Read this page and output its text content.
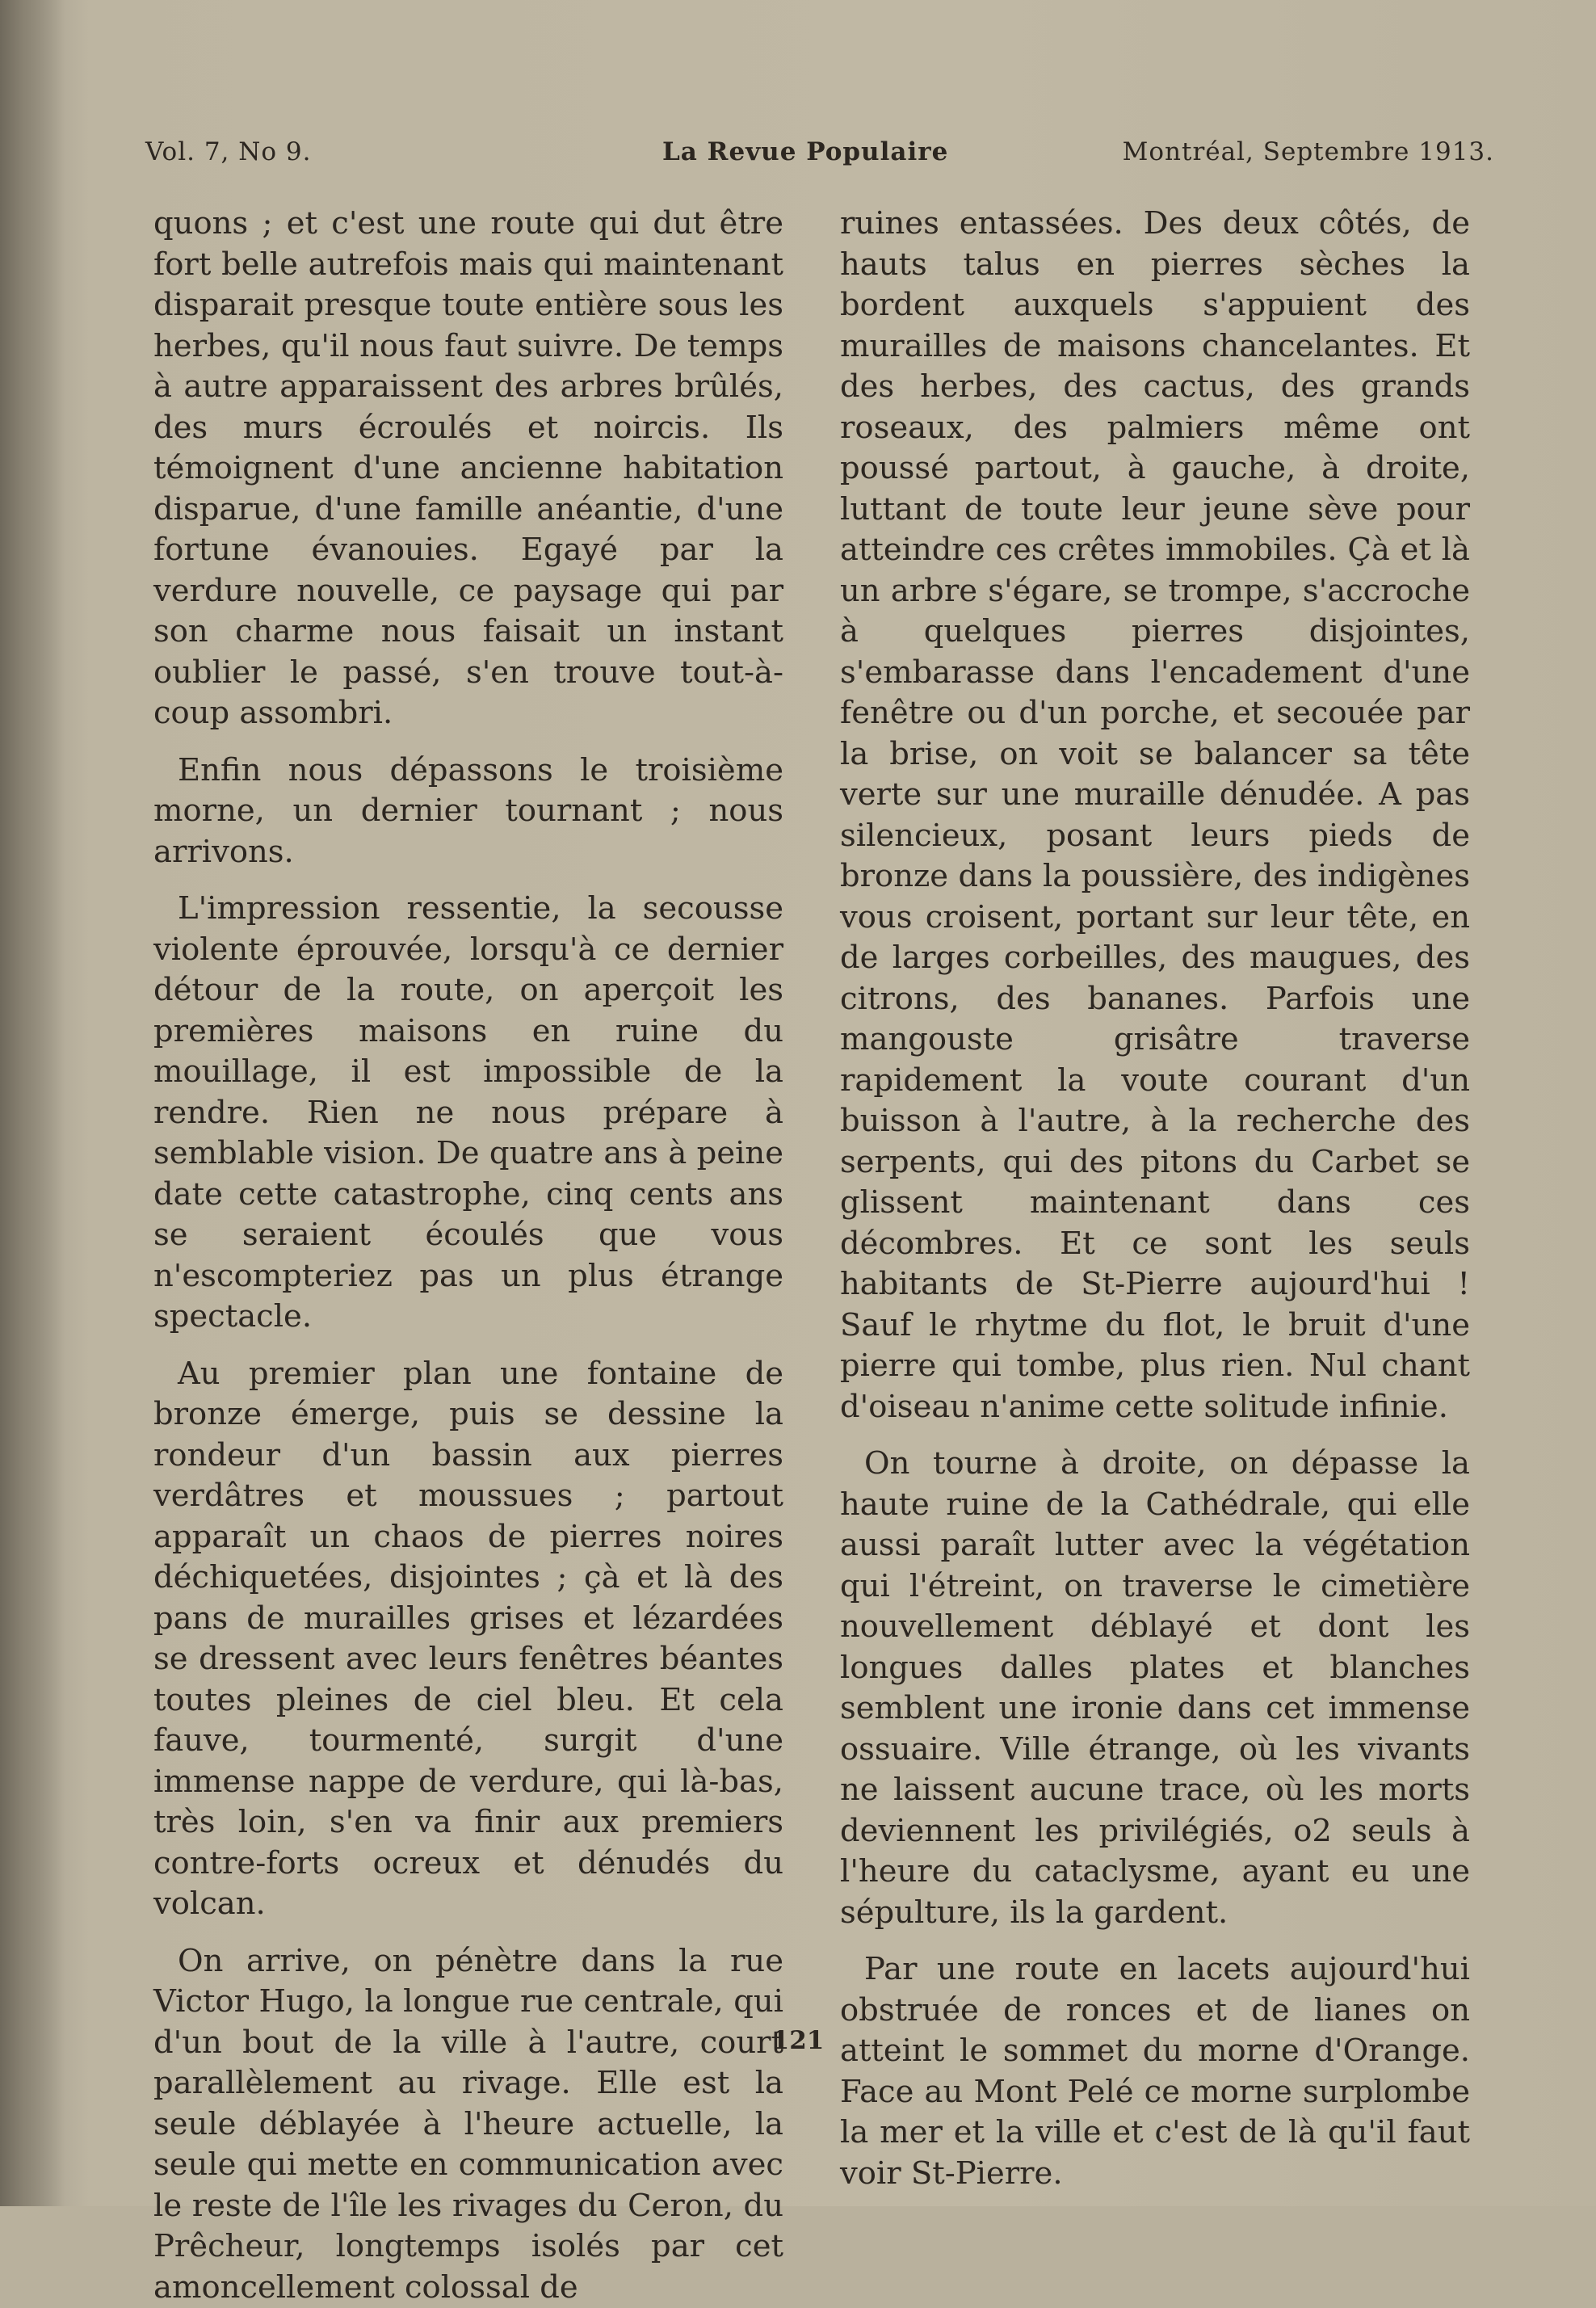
Vol. 7, No 9.	La Revue Populaire	Montréal, Septembre 1913.

quons ; et c'est une route qui dut être fort belle autrefois mais qui maintenant disparait presque toute entière sous les herbes, qu'il nous faut suivre. De temps à autre apparaissent des arbres brûlés, des murs écroulés et noircis. Ils témoignent d'une ancienne habitation disparue, d'une famille anéantie, d'une fortune évanouies. Egayé par la verdure nouvelle, ce paysage qui par son charme nous faisait un instant oublier le passé, s'en trouve tout-à-coup assombri.

Enfin nous dépassons le troisième morne, un dernier tournant ; nous arrivons.

L'impression ressentie, la secousse violente éprouvée, lorsqu'à ce dernier détour de la route, on aperçoit les premières maisons en ruine du mouillage, il est impossible de la rendre. Rien ne nous prépare à semblable vision. De quatre ans à peine date cette catastrophe, cinq cents ans se seraient écoulés que vous n'escompteriez pas un plus étrange spectacle.

Au premier plan une fontaine de bronze émerge, puis se dessine la rondeur d'un bassin aux pierres verdâtres et moussues ; partout apparaît un chaos de pierres noires déchiquetées, disjointes ; çà et là des pans de murailles grises et lézardées se dressent avec leurs fenêtres béantes toutes pleines de ciel bleu. Et cela fauve, tourmenté, surgit d'une immense nappe de verdure, qui là-bas, très loin, s'en va finir aux premiers contre-forts ocreux et dénudés du volcan.

On arrive, on pénètre dans la rue Victor Hugo, la longue rue centrale, qui d'un bout de la ville à l'autre, court parallèlement au rivage. Elle est la seule déblayée à l'heure actuelle, la seule qui mette en communication avec le reste de l'île les rivages du Ceron, du Prêcheur, longtemps isolés par cet amoncellement colossal de

ruines entassées. Des deux côtés, de hauts talus en pierres sèches la bordent auxquels s'appuient des murailles de maisons chancelantes. Et des herbes, des cactus, des grands roseaux, des palmiers même ont poussé partout, à gauche, à droite, luttant de toute leur jeune sève pour atteindre ces crêtes immobiles. Çà et là un arbre s'égare, se trompe, s'accroche à quelques pierres disjointes, s'embarasse dans l'encadement d'une fenêtre ou d'un porche, et secouée par la brise, on voit se balancer sa tête verte sur une muraille dénudée. A pas silencieux, posant leurs pieds de bronze dans la poussière, des indigènes vous croisent, portant sur leur tête, en de larges corbeilles, des maugues, des citrons, des bananes. Parfois une mangouste grisâtre traverse rapidement la voute courant d'un buisson à l'autre, à la recherche des serpents, qui des pitons du Carbet se glissent maintenant dans ces décombres. Et ce sont les seuls habitants de St-Pierre aujourd'hui ! Sauf le rhytme du flot, le bruit d'une pierre qui tombe, plus rien. Nul chant d'oiseau n'anime cette solitude infinie.

On tourne à droite, on dépasse la haute ruine de la Cathédrale, qui elle aussi paraît lutter avec la végétation qui l'étreint, on traverse le cimetière nouvellement déblayé et dont les longues dalles plates et blanches semblent une ironie dans cet immense ossuaire. Ville étrange, où les vivants ne laissent aucune trace, où les morts deviennent les privilégiés, o2 seuls à l'heure du cataclysme, ayant eu une sépulture, ils la gardent.

Par une route en lacets aujourd'hui obstruée de ronces et de lianes on atteint le sommet du morne d'Orange. Face au Mont Pelé ce morne surplombe la mer et la ville et c'est de là qu'il faut voir St-Pierre.

121
